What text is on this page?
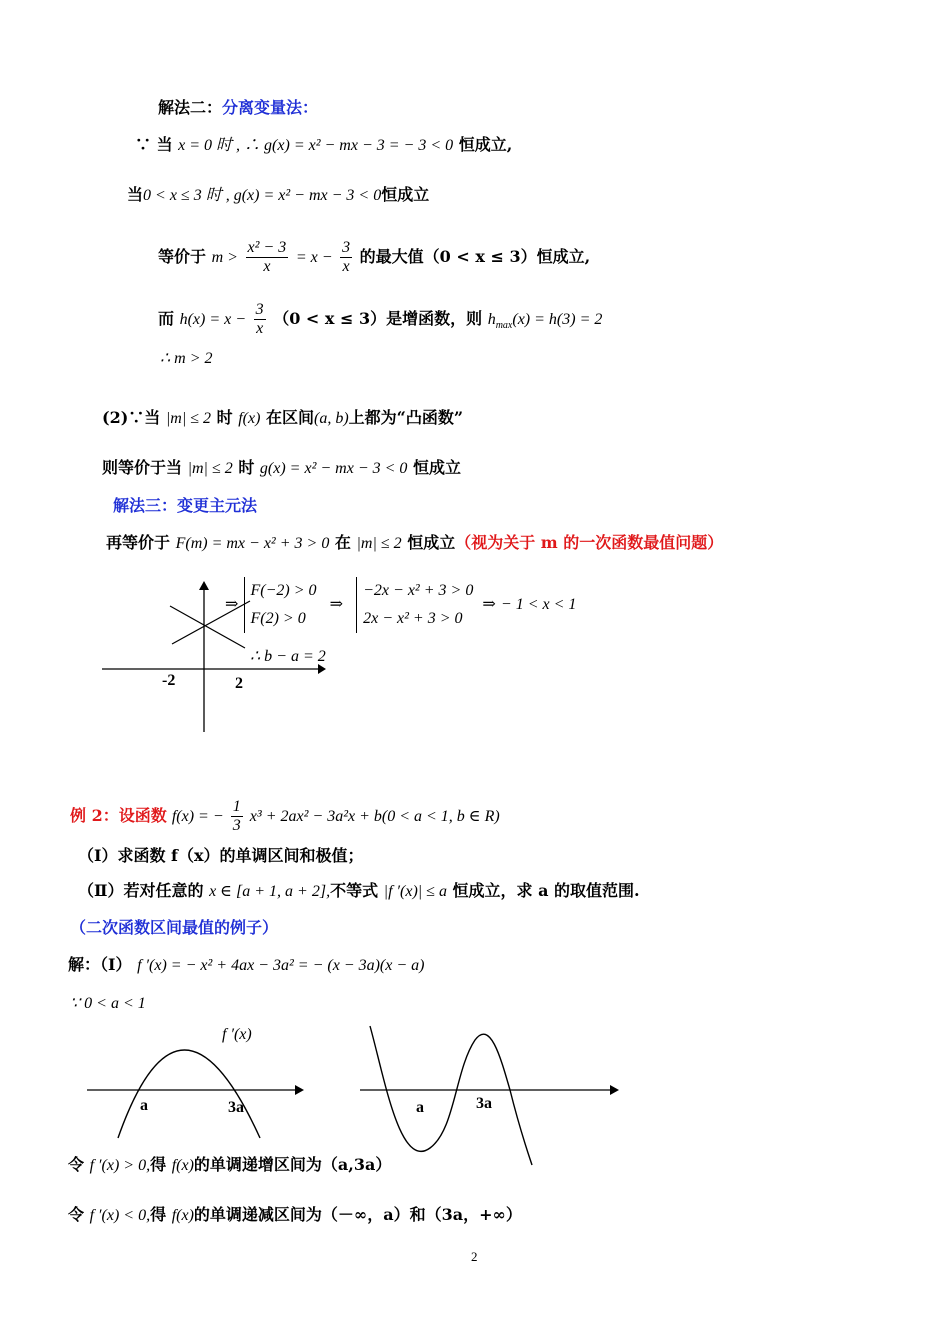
解法二：分离变量法：
∵ 当 x = 0 时 , ∴ g(x) = x² − mx − 3 = − 3 < 0 恒成立,
当0 < x ≤ 3 时 , g(x) = x² − mx − 3 < 0恒成立
等价于 $m > \frac{\text{x² − 3}}{x} = x - \frac{3}{x}$ 的最大值（0 < x ≤ 3）恒成立,
而 $h(x) = x - \frac{3}{x} (0 < x \le 3)$是增函数，则 $h_{max}(x) = h(3) = 2$
∴ m > 2
(2)∵当 |m| ≤ 2 时 f(x) 在区间(a, b)上都为“凸函数”
则等价于当 |m| ≤ 2 时 g(x) = x² − mx − 3 < 0 恒成立
解法三：变更主元法
再等价于 F(m) = mx − x² + 3 > 0 在 |m| ≤ 2 恒成立（视为关于 m 的一次函数最值问题）
-2	2
⇒
F(−2) > 0
F(2) > 0
⇒
−2x − x² + 3 > 0
2x − x² + 3 > 0
⇒ − 1 < x < 1
∴ b − a = 2
例 2：设函数 f(x) = − $\frac{1}{3} x^3 + 2ax^2 - 3a^2x + b(0 < a < 1$, b ∈ R)
（Ⅰ）求函数 f（x）的单调区间和极值；
（Ⅱ）若对任意的 x ∈ [a + 1, a + 2],不等式 |f ′(x)| ≤ a 恒成立，求 a 的取值范围.
（二次函数区间最值的例子）
解：（Ⅰ） f ′(x) = − x² + 4ax − 3a² = − (x − 3a)(x − a)
∵ 0 < a < 1
f ′(x)
a	3a	a	3a
令 f ′(x) > 0,得 f(x)的单调递增区间为（a,3a）
令 f ′(x) < 0,得 f(x)的单调递减区间为（－∞，a）和（3a，+∞）
2
